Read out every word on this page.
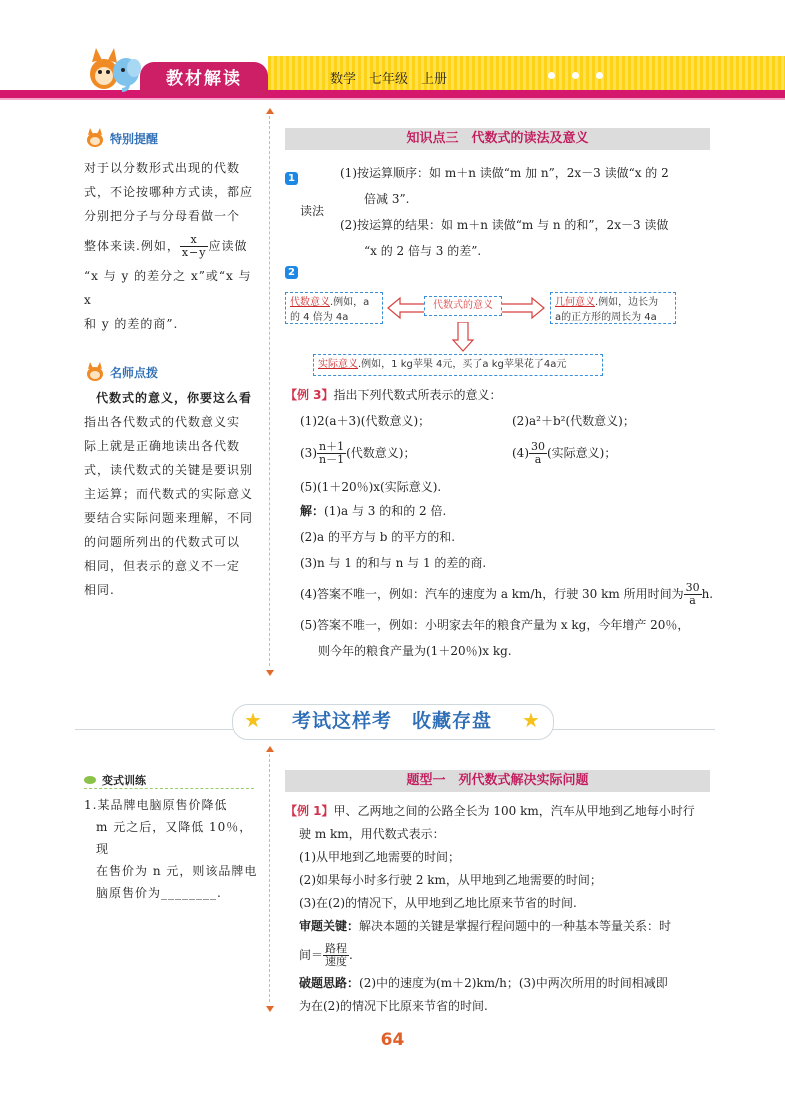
教材解读	数学　七年级　上册
特别提醒
对于以分数形式出现的代数
式，不论按哪种方式读，都应
分别把分子与分母看做一个
整体来读.例如， $\frac{x}{x-y}$ 应读做
“x 与 y 的差分之 x”或“x 与 x
和 y 的差的商”.
名师点拨
代数式的意义，你要这么看
指出各代数式的代数意义实
际上就是正确地读出各代数
式，读代数式的关键是要识别
主运算；而代数式的实际意义
要结合实际问题来理解，不同
的问题所列出的代数式可以
相同，但表示的意义不一定
相同.
知识点三　代数式的读法及意义
1
读法
(1)按运算顺序：如 m＋n 读做“m 加 n”，2x－3 读做“x 的 2
倍减 3”.
(2)按运算的结果：如 m＋n 读做“m 与 n 的和”，2x－3 读做
“x 的 2 倍与 3 的差”.
2
代数意义.例如，a
的 4 倍为 4a
代数式的意义	几何意义.例如，边长为
a的正方形的周长为 4a
实际意义.例如，1 kg苹果 4元，买了a kg苹果花了4a元
【例 3】指出下列代数式所表示的意义：
(1)2(a＋3)(代数意义)；	(2)a²＋b²(代数意义)；
$(3) \frac{n+1}{n-1}$ (代数意义)；	$(4) \frac{30}{a}$ (实际意义)；
(5)(1＋20％)x(实际意义).
解：(1)a 与 3 的和的 2 倍.
(2)a 的平方与 b 的平方的和.
(3)n 与 1 的和与 n 与 1 的差的商.
(4)答案不唯一，例如：汽车的速度为 a km/h，行驶 30 km 所用时间为 $\frac{30}{a} h$.
(5)答案不唯一，例如：小明家去年的粮食产量为 x kg，今年增产 20％，
则今年的粮食产量为(1＋20％)x kg.
★	★
考试这样考　收藏存盘
变式训练
1.某品牌电脑原售价降低
m 元之后，又降低 10％，现
在售价为 n 元，则该品牌电
脑原售价为________.
题型一　列代数式解决实际问题
【例 1】甲、乙两地之间的公路全长为 100 km，汽车从甲地到乙地每小时行
驶 m km，用代数式表示：
(1)从甲地到乙地需要的时间；
(2)如果每小时多行驶 2 km，从甲地到乙地需要的时间；
(3)在(2)的情况下，从甲地到乙地比原来节省的时间.
审题关键：解决本题的关键是掌握行程问题中的一种基本等量关系：时
间＝ $\frac{\text{路程}}{\text{速度}}$ .
破题思路：(2)中的速度为(m＋2)km/h；(3)中两次所用的时间相减即
为在(2)的情况下比原来节省的时间.
64
